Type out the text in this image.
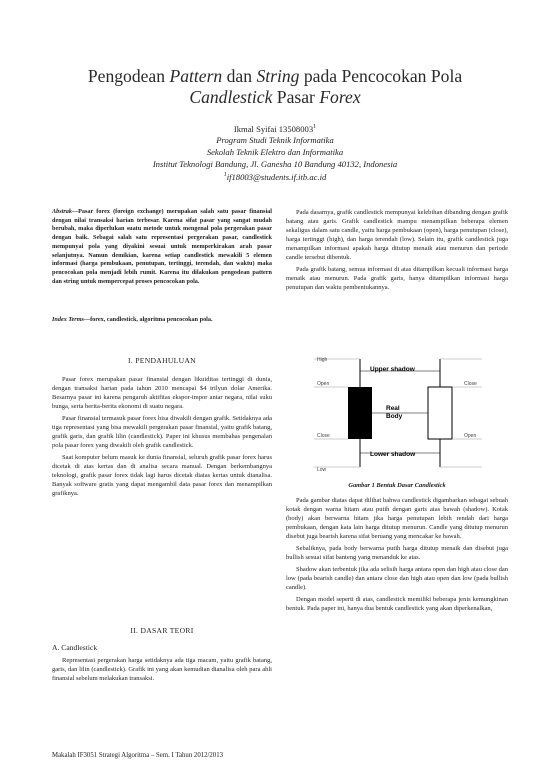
Pengodean Pattern dan String pada Pencocokan Pola
Candlestick Pasar Forex
Ikmal Syifai 13508003$^1$
Program Studi Teknik Informatika
Sekolah Teknik Elektro dan Informatika
Institut Teknologi Bandung, Jl. Ganesha 10 Bandung 40132, Indonesia
$^1$if18003@students.if.itb.ac.id
Abstrak—Pasar forex (foreign exchange) merupakan salah satu pasar finansial dengan nilai transaksi harian terbesar. Karena sifat pasar yang sangat mudah berubah, maka diperlukan suatu metode untuk mengenal pola pergerakan pasar dengan baik. Sebagai salah satu representasi pergerakan pasar, candlestick mempunyai pola yang diyakini sesuai untuk memperkirakan arah pasar selanjutnya. Namun demikian, karena setiap candlestick mewakili 5 elemen informasi (harga pembukaan, penutupan, tertinggi, terendah, dan waktu) maka pencocokan pola menjadi lebih rumit. Karena itu dilakukan pengodean pattern dan string untuk mempercepat proses pencocokan pola.
Index Terms—forex, candlestick, algoritma pencocokan pola.
I. PENDAHULUAN

Pasar forex merupakan pasar finansial dengan likuiditas tertinggi di dunia, dengan transaksi harian pada tahun 2010 mencapai $4 trilyun dolar Amerika. Besarnya pasar ini karena pengaruh aktifitas ekspor-impor antar negara, nilai suku bunga, serta berita-berita ekonomi di suatu negara.

Pasar finansial termasuk pasar forex bisa diwakili dengan grafik. Setidaknya ada tiga representasi yang bisa mewakili pergerakan pasar finansial, yaitu grafik batang, grafik garis, dan grafik lilin (candlestick). Paper ini khusus membahas pengenalan pola pasar forex yang diwakili oleh grafik candlestick.

Saat komputer belum masuk ke dunia finansial, seluruh grafik pasar forex harus dicetak di atas kertas dan di analisa secara manual. Dengan berkembangnya teknologi, grafik pasar forex tidak lagi harus dicetak diatas kertas untuk dianalisa. Banyak software gratis yang dapat mengambil data pasar forex dan menampilkan grafiknya.

II. DASAR TEORI
A. Candlestick

Representasi pergerakan harga setidaknya ada tiga macam, yaitu grafik batang, garis, dan lilin (candlestick). Grafik ini yang akan kemudian dianalisa oleh para ahli finansial sebelum melakukan transaksi.

Pada dasarnya, grafik candlestick mempunyai kelebihan dibanding dengan grafik batang atau garis. Grafik candlestick mampu menampilkan beberapa elemen sekaligus dalam satu candle, yaitu harga pembukaan (open), harga penutupan (close), harga tertinggi (high), dan harga terendah (low). Selain itu, grafik candlestick juga menampilkan informasi apakah harga ditutup menaik atau menurun dan periode candle tersebut dibentuk.

Pada grafik batang, semua informasi di atas ditampilkan kecuali informasi harga menaik atau menurun. Pada grafik garis, hanya ditampilkan informasi harga penutupan dan waktu pembentukannya.

High
Upper shadow
Open	Close
Real
Body
Close	Open
Lower shadow
Low
Gambar 1 Bentuk Dasar Candlestick

Pada gambar diatas dapat dilihat bahwa candlestick digambarkan sebagai sebuah kotak dengan warna hitam atau putih dengan garis atas bawah (shadow). Kotak (body) akan berwarna hitam jika harga penutupan lebih rendah dari harga pembukaan, dengan kata lain harga ditutup menurun. Candle yang ditutup menurun disebut juga bearish karena sifat beruang yang mencakar ke bawah.

Sebaliknya, pada body berwarna putih harga ditutup menaik dan disebut juga bullish sesuai sifat banteng yang menanduk ke atas.

Shadow akan terbentuk jika ada selisih harga antara open dan high atau close dan low (pada bearish candle) dan antara close dan high atau open dan low (pada bullish candle).

Dengan model seperti di atas, candlestick memiliki beberapa jenis kemungkinan bentuk. Pada paper ini, hanya dua bentuk candlestick yang akan diperkenalkan,

Makalah IF3051 Strategi Algoritma – Sem. I Tahun 2012/2013
